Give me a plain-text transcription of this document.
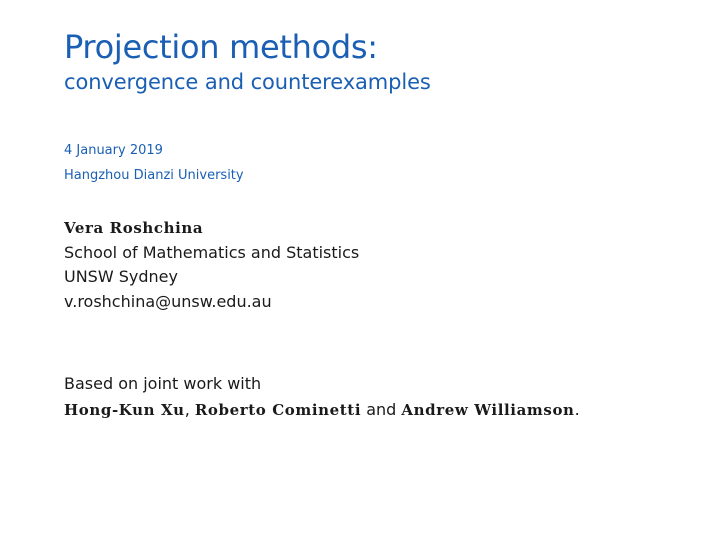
Projection methods:
convergence and counterexamples
4 January 2019
Hangzhou Dianzi University
Vera Roshchina
School of Mathematics and Statistics
UNSW Sydney
v.roshchina@unsw.edu.au
Based on joint work with
Hong-Kun Xu, Roberto Cominetti and Andrew Williamson.
